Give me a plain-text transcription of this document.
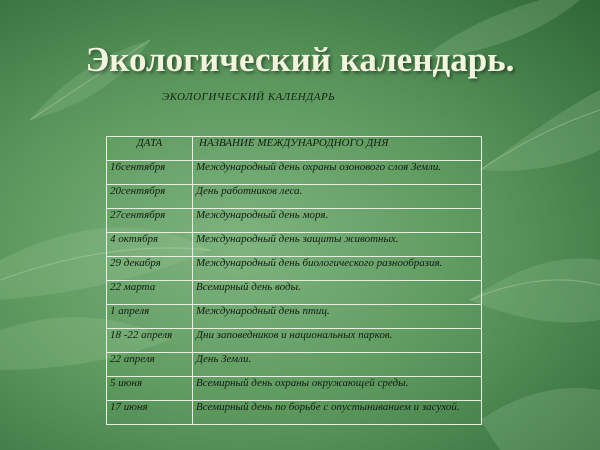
Экологический календарь.
ЭКОЛОГИЧЕСКИЙ КАЛЕНДАРЬ
ДАТА	НАЗВАНИЕ МЕЖДУНАРОДНОГО ДНЯ
16сентября	Международный день охраны озонового слоя Земли.
20сентября	День работников леса.
27сентября	Международный день моря.
4 октября	Международный день защиты животных.
29 декабря	Международный день биологического разнообразия.
22 марта	Всемирный день воды.
1 апреля	Международный день птиц.
18 -22 апреля	Дни заповедников и национальных парков.
22 апреля	День Земли.
5 июня	Всемирный день охраны окружающей среды.
17 июня	Всемирный день по борьбе с опустыниванием и засухой.
